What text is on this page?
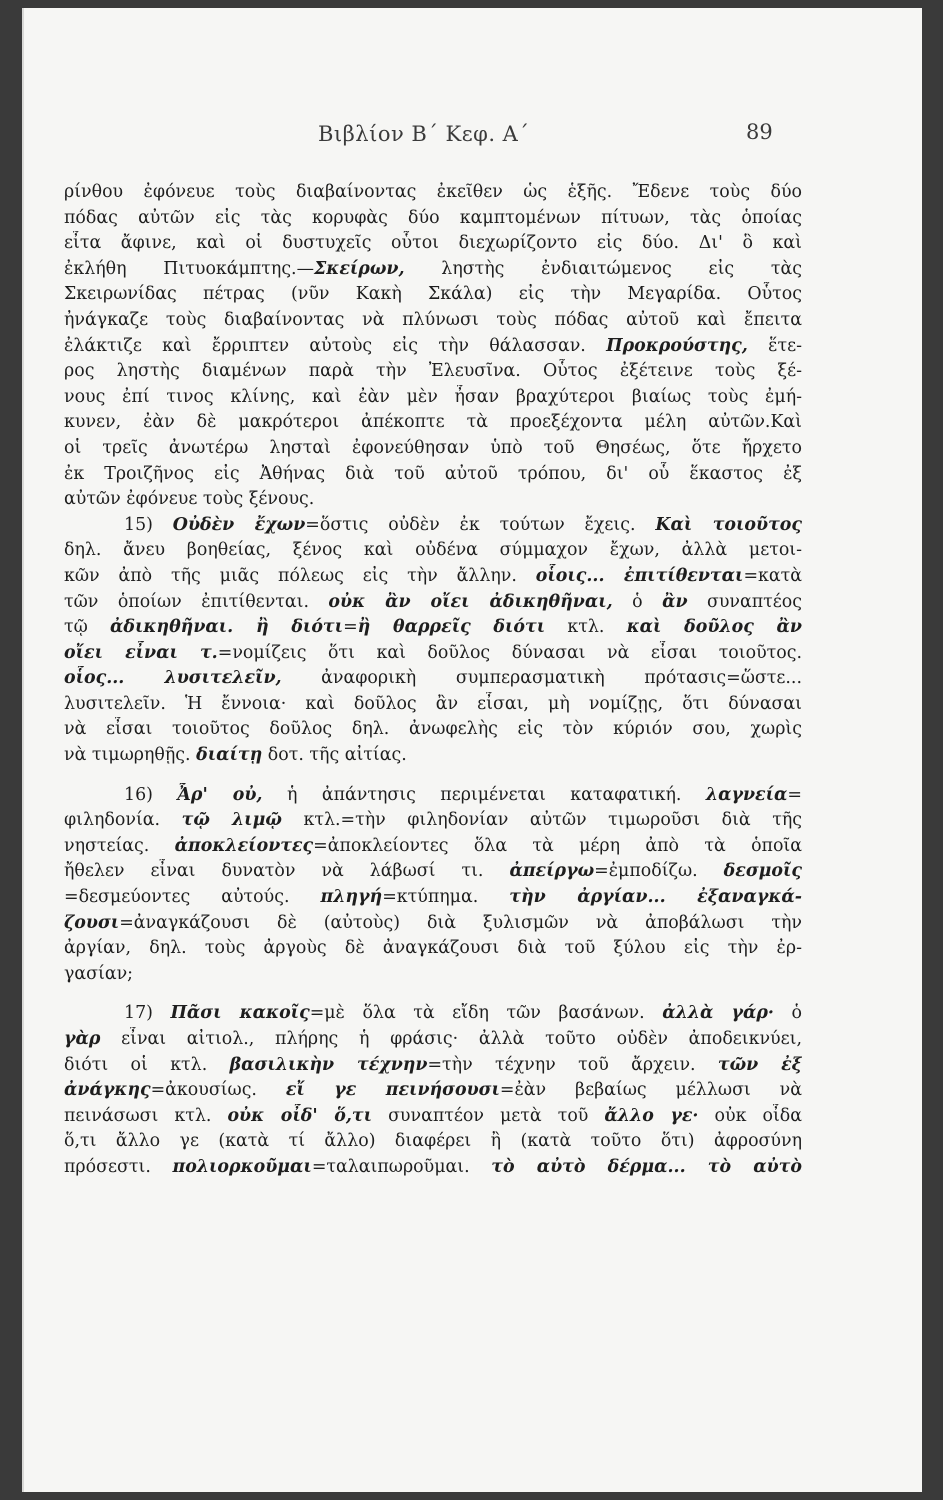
Βιβλίον Β΄ Κεφ. Α΄	89
ρίνθου ἐφόνευε τοὺς διαβαίνοντας ἐκεῖθεν ὡς ἑξῆς. Ἔδενε τοὺς δύο
πόδας αὐτῶν εἰς τὰς κορυφὰς δύο καμπτομένων πίτυων, τὰς ὁποίας
εἶτα ἄφινε, καὶ οἱ δυστυχεῖς οὗτοι διεχωρίζοντο εἰς δύο. Δι' ὃ καὶ
ἐκλήθη Πιτυοκάμπτης.—Σκείρων, ληστὴς ἐνδιαιτώμενος εἰς τὰς
Σκειρωνίδας πέτρας (νῦν Κακὴ Σκάλα) εἰς τὴν Μεγαρίδα. Οὗτος
ἠνάγκαζε τοὺς διαβαίνοντας νὰ πλύνωσι τοὺς πόδας αὐτοῦ καὶ ἔπειτα
ἐλάκτιζε καὶ ἔρριπτεν αὐτοὺς εἰς τὴν θάλασσαν. Προκρούστης, ἕτε-
ρος ληστὴς διαμένων παρὰ τὴν Ἐλευσῖνα. Οὗτος ἐξέτεινε τοὺς ξέ-
νους ἐπί τινος κλίνης, καὶ ἐὰν μὲν ἦσαν βραχύτεροι βιαίως τοὺς ἐμή-
κυνεν, ἐὰν δὲ μακρότεροι ἀπέκοπτε τὰ προεξέχοντα μέλη αὐτῶν.Καὶ
οἱ τρεῖς ἀνωτέρω λησταὶ ἐφονεύθησαν ὑπὸ τοῦ Θησέως, ὅτε ἤρχετο
ἐκ Τροιζῆνος εἰς Ἀθήνας διὰ τοῦ αὐτοῦ τρόπου, δι' οὗ ἕκαστος ἐξ
αὐτῶν ἐφόνευε τοὺς ξένους.
15) Οὐδὲν ἔχων=ὅστις οὐδὲν ἐκ τούτων ἔχεις. Καὶ τοιοῦτος
δηλ. ἄνευ βοηθείας, ξένος καὶ οὐδένα σύμμαχον ἔχων, ἀλλὰ μετοι-
κῶν ἀπὸ τῆς μιᾶς πόλεως εἰς τὴν ἄλλην. οἷοις... ἐπιτίθενται=κατὰ
τῶν ὁποίων ἐπιτίθενται. οὐκ ἂν οἴει ἀδικηθῆναι, ὁ ἂν συναπτέος
τῷ ἀδικηθῆναι. ἢ διότι=ἢ θαρρεῖς διότι κτλ. καὶ δοῦλος ἂν
οἴει εἶναι τ.=νομίζεις ὅτι καὶ δοῦλος δύνασαι νὰ εἶσαι τοιοῦτος.
οἷος... λυσιτελεῖν, ἀναφορικὴ συμπερασματικὴ πρότασις=ὥστε...
λυσιτελεῖν. Ἡ ἔννοια· καὶ δοῦλος ἂν εἶσαι, μὴ νομίζῃς, ὅτι δύνασαι
νὰ εἶσαι τοιοῦτος δοῦλος δηλ. ἀνωφελὴς εἰς τὸν κύριόν σου, χωρὶς
νὰ τιμωρηθῇς. διαίτῃ δοτ. τῆς αἰτίας.
16) Ἆρ' οὐ, ἡ ἀπάντησις περιμένεται καταφατική. λαγνεία=
φιληδονία. τῷ λιμῷ κτλ.=τὴν φιληδονίαν αὐτῶν τιμωροῦσι διὰ τῆς
νηστείας. ἀποκλείοντες=ἀποκλείοντες ὅλα τὰ μέρη ἀπὸ τὰ ὁποῖα
ἤθελεν εἶναι δυνατὸν νὰ λάβωσί τι. ἀπείργω=ἐμποδίζω. δεσμοῖς
=δεσμεύοντες αὐτούς. πληγή=κτύπημα. τὴν ἀργίαν... ἐξαναγκά-
ζουσι=ἀναγκάζουσι δὲ (αὐτοὺς) διὰ ξυλισμῶν νὰ ἀποβάλωσι τὴν
ἀργίαν, δηλ. τοὺς ἀργοὺς δὲ ἀναγκάζουσι διὰ τοῦ ξύλου εἰς τὴν ἐρ-
γασίαν;
17) Πᾶσι κακοῖς=μὲ ὅλα τὰ εἴδη τῶν βασάνων. ἀλλὰ γάρ· ὁ
γὰρ εἶναι αἰτιολ., πλήρης ἡ φράσις· ἀλλὰ τοῦτο οὐδὲν ἀποδεικνύει,
διότι οἱ κτλ. βασιλικὴν τέχνην=τὴν τέχνην τοῦ ἄρχειν. τῶν ἐξ
ἀνάγκης=ἀκουσίως. εἴ γε πεινήσουσι=ἐὰν βεβαίως μέλλωσι νὰ
πεινάσωσι κτλ. οὐκ οἶδ' ὅ,τι συναπτέον μετὰ τοῦ ἄλλο γε· οὐκ οἶδα
ὅ,τι ἄλλο γε (κατὰ τί ἄλλο) διαφέρει ἢ (κατὰ τοῦτο ὅτι) ἀφροσύνη
πρόσεστι. πολιορκοῦμαι=ταλαιπωροῦμαι. τὸ αὐτὸ δέρμα... τὸ αὐτὸ
